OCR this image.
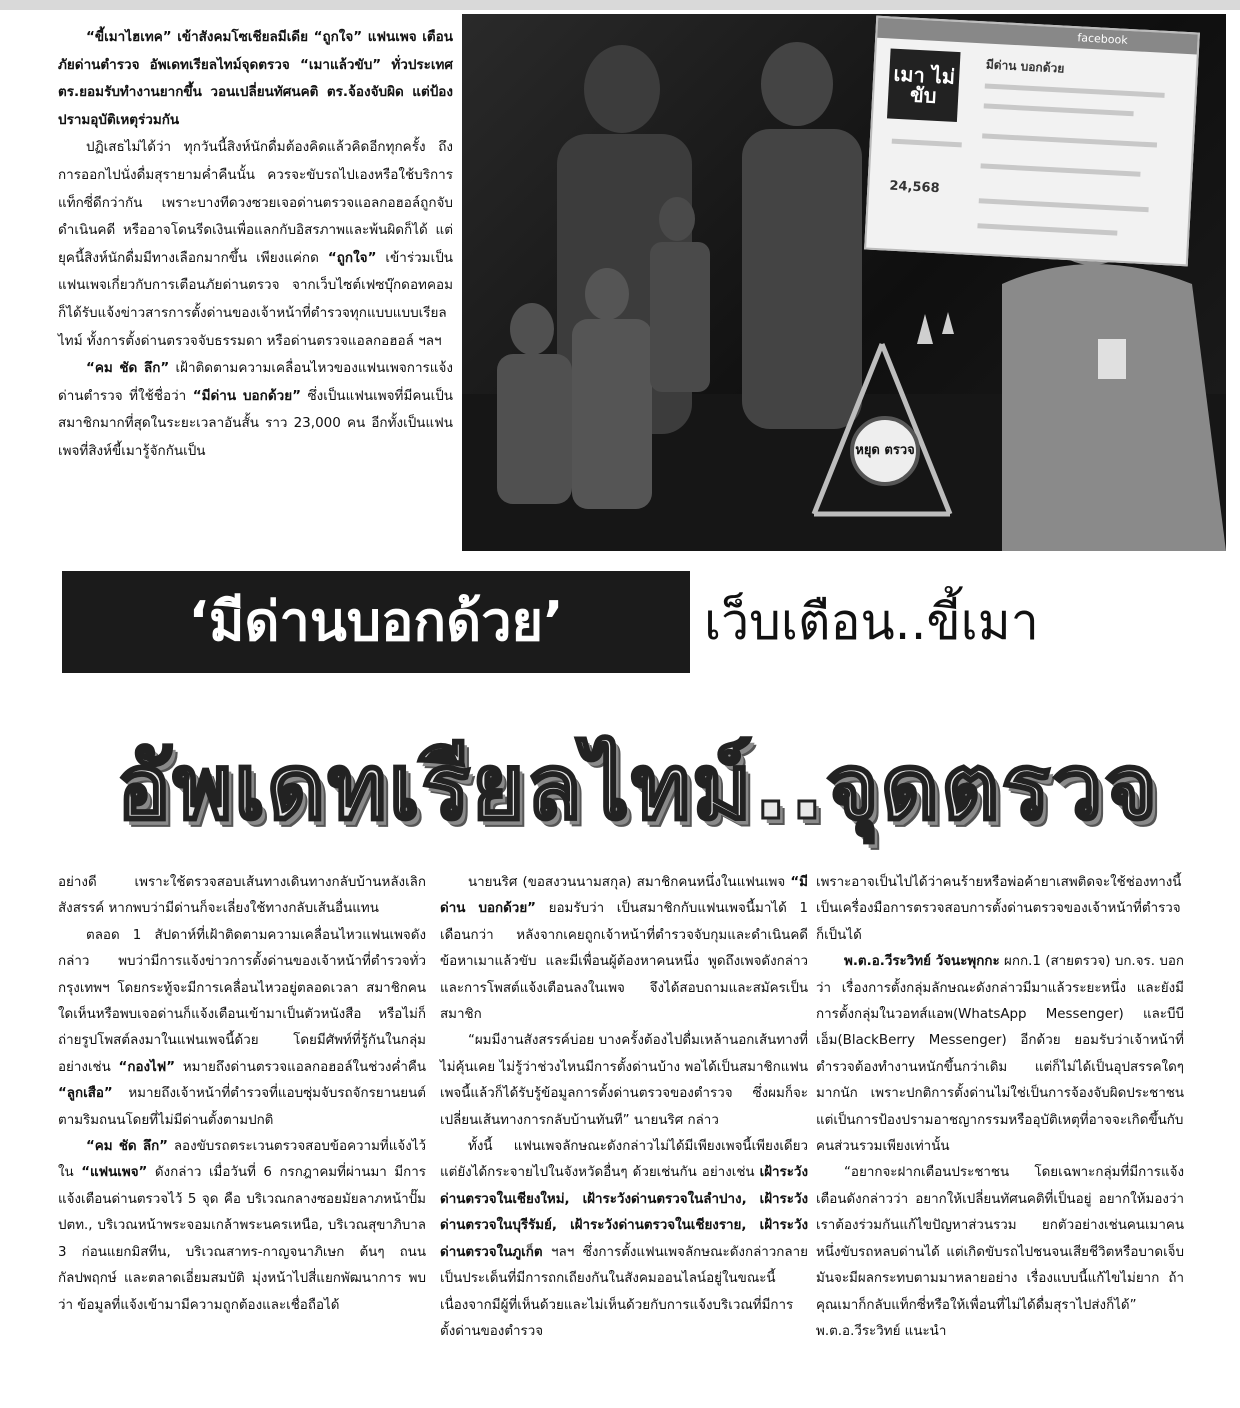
“ขี้เมาไฮเทค” เข้าสังคมโซเชียลมีเดีย “ถูกใจ” แฟนเพจ เตือนภัยด่านตำรวจ อัพเดทเรียลไทม์จุดตรวจ “เมาแล้วขับ” ทั่วประเทศ ตร.ยอมรับทำงานยากขึ้น วอนเปลี่ยนทัศนคติ ตร.จ้องจับผิด แต่ป้องปรามอุบัติเหตุร่วมกัน

ปฏิเสธไม่ได้ว่า ทุกวันนี้สิงห์นักดื่มต้องคิดแล้วคิดอีกทุกครั้ง ถึงการออกไปนั่งดื่มสุรายามค่ำคืนนั้น ควรจะขับรถไปเองหรือใช้บริการแท็กซี่ดีกว่ากัน เพราะบางทีดวงซวยเจอด่านตรวจแอลกอฮอล์ถูกจับดำเนินคดี หรืออาจโดนรีดเงินเพื่อแลกกับอิสรภาพและพ้นผิดก็ได้ แต่ยุคนี้สิงห์นักดื่มมีทางเลือกมากขึ้น เพียงแค่กด “ถูกใจ” เข้าร่วมเป็นแฟนเพจเกี่ยวกับการเตือนภัยด่านตรวจ จากเว็บไซต์เฟซบุ๊กดอทคอม ก็ได้รับแจ้งข่าวสารการตั้งด่านของเจ้าหน้าที่ตำรวจทุกแบบแบบเรียลไทม์ ทั้งการตั้งด่านตรวจจับธรรมดา หรือด่านตรวจแอลกอฮอล์ ฯลฯ

“คม ชัด ลึก” เฝ้าติดตามความเคลื่อนไหวของแฟนเพจการแจ้งด่านตำรวจ ที่ใช้ชื่อว่า “มีด่าน บอกด้วย” ซึ่งเป็นแฟนเพจที่มีคนเป็นสมาชิกมากที่สุดในระยะเวลาอันสั้น ราว 23,000 คน อีกทั้งเป็นแฟนเพจที่สิงห์ขี้เมารู้จักกันเป็น

facebook
เมา ไม่ขับ
มีด่าน บอกด้วย
24,568
หยุด ตรวจ
‘มีด่านบอกด้วย’	เว็บเตือน..ขี้เมา
อัพเดทเรียลไทม์..จุดตรวจ

อย่างดี เพราะใช้ตรวจสอบเส้นทางเดินทางกลับบ้านหลังเลิกสังสรรค์ หากพบว่ามีด่านก็จะเลี่ยงใช้ทางกลับเส้นอื่นแทน

ตลอด 1 สัปดาห์ที่เฝ้าติดตามความเคลื่อนไหวแฟนเพจดังกล่าว พบว่ามีการแจ้งข่าวการตั้งด่านของเจ้าหน้าที่ตำรวจทั่วกรุงเทพฯ โดยกระทู้จะมีการเคลื่อนไหวอยู่ตลอดเวลา สมาชิกคนใดเห็นหรือพบเจอด่านก็แจ้งเตือนเข้ามาเป็นตัวหนังสือ หรือไม่ก็ถ่ายรูปโพสต์ลงมาในแฟนเพจนี้ด้วย โดยมีศัพท์ที่รู้กันในกลุ่ม อย่างเช่น “กองไฟ” หมายถึงด่านตรวจแอลกอฮอล์ในช่วงค่ำคืน “ลูกเสือ” หมายถึงเจ้าหน้าที่ตำรวจที่แอบซุ่มจับรถจักรยานยนต์ตามริมถนนโดยที่ไม่มีด่านตั้งตามปกติ

“คม ชัด ลึก” ลองขับรถตระเวนตรวจสอบข้อความที่แจ้งไว้ใน “แฟนเพจ” ดังกล่าว เมื่อวันที่ 6 กรกฎาคมที่ผ่านมา มีการแจ้งเตือนด่านตรวจไว้ 5 จุด คือ บริเวณกลางซอยมัยลาภหน้าปั๊ม ปตท., บริเวณหน้าพระจอมเกล้าพระนครเหนือ, บริเวณสุขาภิบาล 3 ก่อนแยกมิสทีน, บริเวณสาทร-กาญจนาภิเษก ต้นๆ ถนนกัลปพฤกษ์ และตลาดเอี่ยมสมบัติ มุ่งหน้าไปสี่แยกพัฒนาการ พบว่า ข้อมูลที่แจ้งเข้ามามีความถูกต้องและเชื่อถือได้

นายนริศ (ขอสงวนนามสกุล) สมาชิกคนหนึ่งในแฟนเพจ “มีด่าน บอกด้วย” ยอมรับว่า เป็นสมาชิกกับแฟนเพจนี้มาได้ 1 เดือนกว่า หลังจากเคยถูกเจ้าหน้าที่ตำรวจจับกุมและดำเนินคดีข้อหาเมาแล้วขับ และมีเพื่อนผู้ต้องหาคนหนึ่ง พูดถึงเพจดังกล่าวและการโพสต์แจ้งเตือนลงในเพจ จึงได้สอบถามและสมัครเป็นสมาชิก

“ผมมีงานสังสรรค์บ่อย บางครั้งต้องไปดื่มเหล้านอกเส้นทางที่ไม่คุ้นเคย ไม่รู้ว่าช่วงไหนมีการตั้งด่านบ้าง พอได้เป็นสมาชิกแฟนเพจนี้แล้วก็ได้รับรู้ข้อมูลการตั้งด่านตรวจของตำรวจ ซึ่งผมก็จะเปลี่ยนเส้นทางการกลับบ้านทันที” นายนริศ กล่าว

ทั้งนี้ แฟนเพจลักษณะดังกล่าวไม่ได้มีเพียงเพจนี้เพียงเดียว แต่ยังได้กระจายไปในจังหวัดอื่นๆ ด้วยเช่นกัน อย่างเช่น เฝ้าระวังด่านตรวจในเชียงใหม่, เฝ้าระวังด่านตรวจในลำปาง, เฝ้าระวังด่านตรวจในบุรีรัมย์, เฝ้าระวังด่านตรวจในเชียงราย, เฝ้าระวังด่านตรวจในภูเก็ต ฯลฯ ซึ่งการตั้งแฟนเพจลักษณะดังกล่าวกลายเป็นประเด็นที่มีการถกเถียงกันในสังคมออนไลน์อยู่ในขณะนี้ เนื่องจากมีผู้ที่เห็นด้วยและไม่เห็นด้วยกับการแจ้งบริเวณที่มีการตั้งด่านของตำรวจ

เพราะอาจเป็นไปได้ว่าคนร้ายหรือพ่อค้ายาเสพติดจะใช้ช่องทางนี้เป็นเครื่องมือการตรวจสอบการตั้งด่านตรวจของเจ้าหน้าที่ตำรวจก็เป็นได้

พ.ต.อ.วีระวิทย์ วัจนะพุกกะ ผกก.1 (สายตรวจ) บก.จร. บอกว่า เรื่องการตั้งกลุ่มลักษณะดังกล่าวมีมาแล้วระยะหนึ่ง และยังมีการตั้งกลุ่มในวอทส์แอพ(WhatsApp Messenger) และบีบีเอ็ม(BlackBerry Messenger) อีกด้วย ยอมรับว่าเจ้าหน้าที่ตำรวจต้องทำงานหนักขึ้นกว่าเดิม แต่ก็ไม่ได้เป็นอุปสรรคใดๆ มากนัก เพราะปกติการตั้งด่านไม่ใช่เป็นการจ้องจับผิดประชาชน แต่เป็นการป้องปรามอาชญากรรมหรืออุบัติเหตุที่อาจจะเกิดขึ้นกับคนส่วนรวมเพียงเท่านั้น

“อยากจะฝากเตือนประชาชน โดยเฉพาะกลุ่มที่มีการแจ้งเตือนดังกล่าวว่า อยากให้เปลี่ยนทัศนคติที่เป็นอยู่ อยากให้มองว่าเราต้องร่วมกันแก้ไขปัญหาส่วนรวม ยกตัวอย่างเช่นคนเมาคนหนึ่งขับรถหลบด่านได้ แต่เกิดขับรถไปชนจนเสียชีวิตหรือบาดเจ็บ มันจะมีผลกระทบตามมาหลายอย่าง เรื่องแบบนี้แก้ไขไม่ยาก ถ้าคุณเมาก็กลับแท็กซี่หรือให้เพื่อนที่ไม่ได้ดื่มสุราไปส่งก็ได้” พ.ต.อ.วีระวิทย์ แนะนำ
